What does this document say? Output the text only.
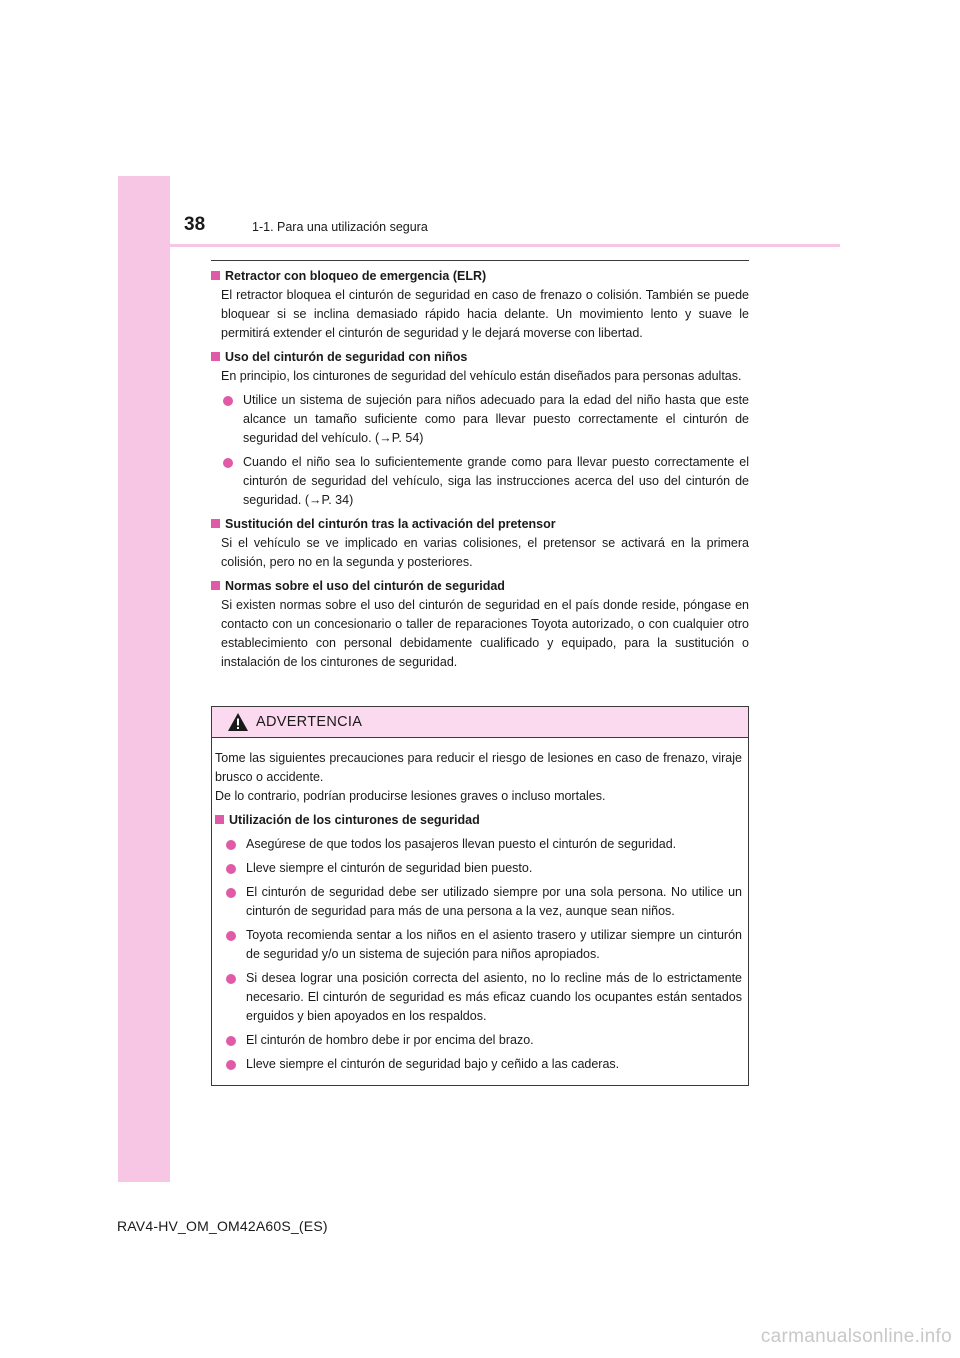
38	1-1. Para una utilización segura
Retractor con bloqueo de emergencia (ELR)
El retractor bloquea el cinturón de seguridad en caso de frenazo o colisión. También se puede bloquear si se inclina demasiado rápido hacia delante. Un movimiento lento y suave le permitirá extender el cinturón de seguridad y le dejará moverse con libertad.
Uso del cinturón de seguridad con niños
En principio, los cinturones de seguridad del vehículo están diseñados para personas adultas.
Utilice un sistema de sujeción para niños adecuado para la edad del niño hasta que este alcance un tamaño suficiente como para llevar puesto correctamente el cinturón de seguridad del vehículo. (→P. 54)
Cuando el niño sea lo suficientemente grande como para llevar puesto correctamente el cinturón de seguridad del vehículo, siga las instrucciones acerca del uso del cinturón de seguridad. (→P. 34)
Sustitución del cinturón tras la activación del pretensor
Si el vehículo se ve implicado en varias colisiones, el pretensor se activará en la primera colisión, pero no en la segunda y posteriores.
Normas sobre el uso del cinturón de seguridad
Si existen normas sobre el uso del cinturón de seguridad en el país donde reside, póngase en contacto con un concesionario o taller de reparaciones Toyota autorizado, o con cualquier otro establecimiento con personal debidamente cualificado y equipado, para la sustitución o instalación de los cinturones de seguridad.
ADVERTENCIA
Tome las siguientes precauciones para reducir el riesgo de lesiones en caso de frenazo, viraje brusco o accidente.
De lo contrario, podrían producirse lesiones graves o incluso mortales.
Utilización de los cinturones de seguridad
Asegúrese de que todos los pasajeros llevan puesto el cinturón de seguridad.
Lleve siempre el cinturón de seguridad bien puesto.
El cinturón de seguridad debe ser utilizado siempre por una sola persona. No utilice un cinturón de seguridad para más de una persona a la vez, aunque sean niños.
Toyota recomienda sentar a los niños en el asiento trasero y utilizar siempre un cinturón de seguridad y/o un sistema de sujeción para niños apropiados.
Si desea lograr una posición correcta del asiento, no lo recline más de lo estrictamente necesario. El cinturón de seguridad es más eficaz cuando los ocupantes están sentados erguidos y bien apoyados en los respaldos.
El cinturón de hombro debe ir por encima del brazo.
Lleve siempre el cinturón de seguridad bajo y ceñido a las caderas.
RAV4-HV_OM_OM42A60S_(ES)
carmanualsonline.info
